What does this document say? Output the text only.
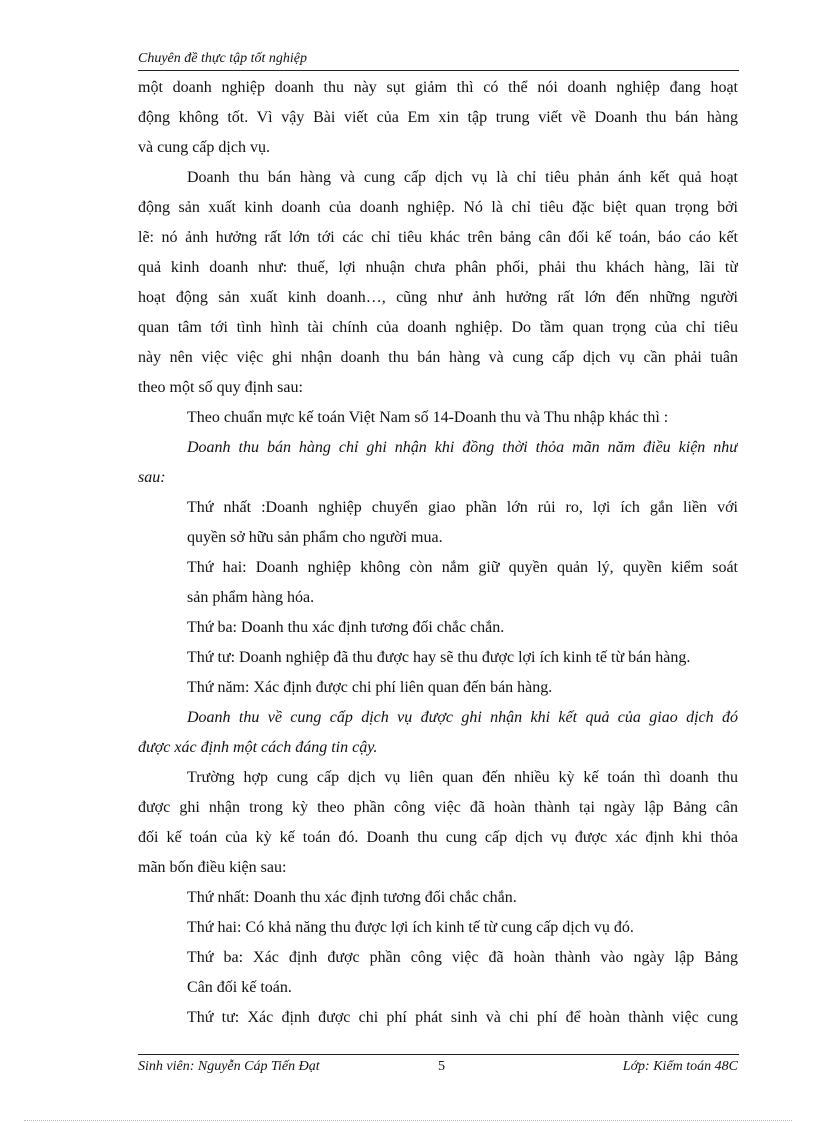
Chuyên đề thực tập tốt nghiệp
một doanh nghiệp doanh thu này sụt giảm thì có thể nói doanh nghiệp đang hoạt
động không tốt. Vì vậy Bài viết của Em xin tập trung viết về Doanh thu bán hàng
và cung cấp dịch vụ.
Doanh thu bán hàng và cung cấp dịch vụ là chỉ tiêu phản ánh kết quả hoạt
động sản xuất kinh doanh của doanh nghiệp. Nó là chỉ tiêu đặc biệt quan trọng bởi
lẽ: nó ảnh hưởng rất lớn tới các chỉ tiêu khác trên bảng cân đối kế toán, báo cáo kết
quả kinh doanh như: thuế, lợi nhuận chưa phân phối, phải thu khách hàng, lãi từ
hoạt động sản xuất kinh doanh…, cũng như ảnh hưởng rất lớn đến những người
quan tâm tới tình hình tài chính của doanh nghiệp. Do tầm quan trọng của chỉ tiêu
này nên việc việc ghi nhận doanh thu bán hàng và cung cấp dịch vụ cần phải tuân
theo một số quy định sau:
Theo chuẩn mực kế toán Việt Nam số 14-Doanh thu và Thu nhập khác thì :
Doanh thu bán hàng chỉ ghi nhận khi đồng thời thỏa mãn năm điều kiện như
sau:
Thứ nhất :Doanh nghiệp chuyển giao phần lớn rủi ro, lợi ích gắn liền với
quyền sở hữu sản phẩm cho người mua.
Thứ hai: Doanh nghiệp không còn nắm giữ quyền quản lý, quyền kiểm soát
sản phẩm hàng hóa.
Thứ ba: Doanh thu xác định tương đối chắc chắn.
Thứ tư: Doanh nghiệp đã thu được hay sẽ thu được lợi ích kinh tế từ bán hàng.
Thứ năm: Xác định được chi phí liên quan đến bán hàng.
Doanh thu về cung cấp dịch vụ được ghi nhận khi kết quả của giao dịch đó
được xác định một cách đáng tin cậy.
Trường hợp cung cấp dịch vụ liên quan đến nhiều kỳ kế toán thì doanh thu
được ghi nhận trong kỳ theo phần công việc đã hoàn thành tại ngày lập Bảng cân
đối kế toán của kỳ kế toán đó. Doanh thu cung cấp dịch vụ được xác định khi thỏa
mãn bốn điều kiện sau:
Thứ nhất: Doanh thu xác định tương đối chắc chắn.
Thứ hai: Có khả năng thu được lợi ích kinh tế từ cung cấp dịch vụ đó.
Thứ ba: Xác định được phần công việc đã hoàn thành vào ngày lập Bảng
Cân đối kế toán.
Thứ tư: Xác định được chi phí phát sinh và chi phí để hoàn thành việc cung
Sinh viên: Nguyễn Cáp Tiến Đạt	5	Lớp: Kiểm toán 48C
